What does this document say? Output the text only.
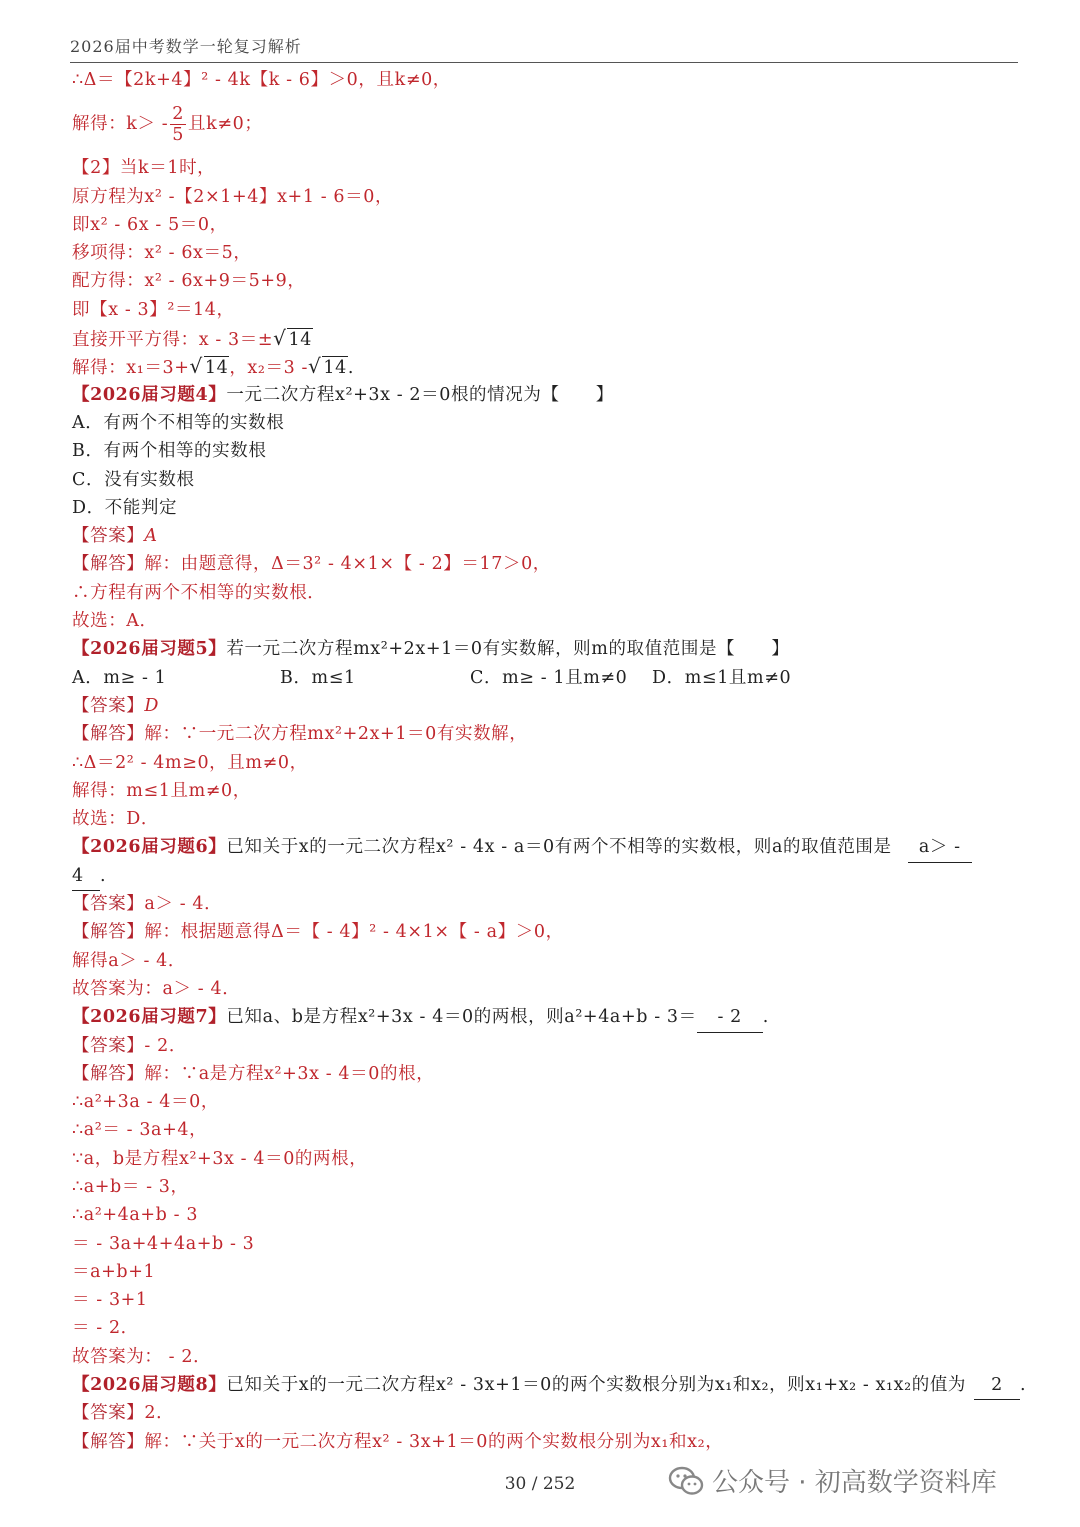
2026届中考数学一轮复习解析
∴Δ＝【2k+4】² - 4k【k - 6】＞0，且k≠0，
解得：$k> - \frac{2}{5}$ 且k≠0；
【2】当k＝1时，
原方程为x² -【2×1+4】x+1 - 6＝0，
即x² - 6x - 5＝0，
移项得：x² - 6x＝5，
配方得：x² - 6x+9＝5+9，
即【x - 3】²＝14，
直接开平方得：x - 3＝±√ 14
解得：x₁＝3+√ 14，x₂＝3 -√ 14.
【2026届习题4】一元二次方程x²+3x - 2＝0根的情况为【　　】
A．有两个不相等的实数根
B．有两个相等的实数根
C．没有实数根
D．不能判定
【答案】A
【解答】解：由题意得，Δ＝3² - 4×1×【 - 2】＝17＞0，
∴方程有两个不相等的实数根．
故选：A．
【2026届习题5】若一元二次方程mx²+2x+1＝0有实数解，则m的取值范围是【　　】
A．m≥ - 1	B．m≤1	C．m≥ - 1且m≠0	D．m≤1且m≠0
【答案】D
【解答】解：∵一元二次方程mx²+2x+1＝0有实数解，
∴Δ＝2² - 4m≥0，且m≠0，
解得：m≤1且m≠0，
故选：D．
【2026届习题6】已知关于x的一元二次方程x² - 4x - a＝0有两个不相等的实数根，则a的取值范围是 a＞ -
4 .
【答案】a＞ - 4．
【解答】解：根据题意得Δ＝【 - 4】² - 4×1×【 - a】＞0，
解得a＞ - 4．
故答案为：a＞ - 4．
【2026届习题7】已知a、b是方程x²+3x - 4＝0的两根，则a²+4a+b - 3＝ - 2 .
【答案】- 2．
【解答】解：∵a是方程x²+3x - 4＝0的根，
∴a²+3a - 4＝0，
∴a²＝ - 3a+4，
∵a，b是方程x²+3x - 4＝0的两根，
∴a+b＝ - 3，
∴a²+4a+b - 3
＝ - 3a+4+4a+b - 3
＝a+b+1
＝ - 3+1
＝ - 2．
故答案为： - 2．
【2026届习题8】已知关于x的一元二次方程x² - 3x+1＝0的两个实数根分别为x₁和x₂，则x₁+x₂ - x₁x₂的值为 2 .
【答案】2．
【解答】解：∵关于x的一元二次方程x² - 3x+1＝0的两个实数根分别为x₁和x₂，
30 / 252	公众号 · 初高数学资料库
